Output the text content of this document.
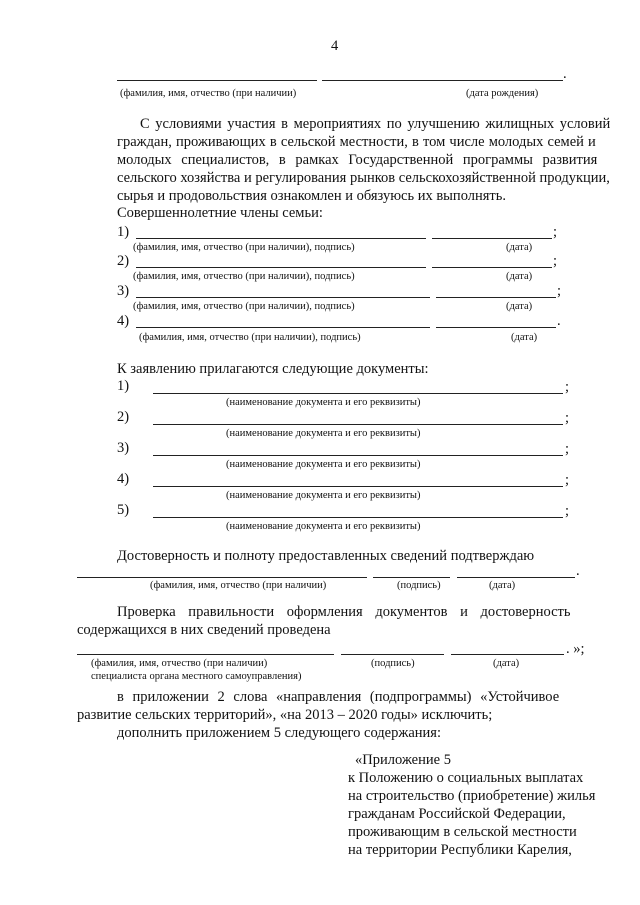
4
.
(фамилия, имя, отчество (при наличии)	(дата рождения)
С условиями участия в мероприятиях по улучшению жилищных условий
граждан, проживающих в сельской местности, в том числе молодых семей и
молодых специалистов, в рамках Государственной программы развития
сельского хозяйства и регулирования рынков сельскохозяйственной продукции,
сырья и продовольствия ознакомлен и обязуюсь их выполнять.
Совершеннолетние члены семьи:
1)	;
(фамилия, имя, отчество (при наличии), подпись)	(дата)
2)	;
(фамилия, имя, отчество (при наличии), подпись)	(дата)
3)	;
(фамилия, имя, отчество (при наличии), подпись)	(дата)
4)	.
(фамилия, имя, отчество (при наличии), подпись)	(дата)
К заявлению прилагаются следующие документы:
1)	;
(наименование документа и его реквизиты)
2)	;
(наименование документа и его реквизиты)
3)	;
(наименование документа и его реквизиты)
4)	;
(наименование документа и его реквизиты)
5)	;
(наименование документа и его реквизиты)
Достоверность и полноту предоставленных сведений подтверждаю
.
(фамилия, имя, отчество (при наличии)	(подпись)	(дата)
Проверка правильности оформления документов и достоверность
содержащихся в них сведений проведена
. »;
(фамилия, имя, отчество (при наличии)
специалиста органа местного самоуправления)
(подпись)	(дата)
в приложении 2 слова «направления (подпрограммы) «Устойчивое
развитие сельских территорий», «на 2013 – 2020 годы» исключить;
дополнить приложением 5 следующего содержания:
«Приложение 5
к Положению о социальных выплатах
на строительство (приобретение) жилья
гражданам Российской Федерации,
проживающим в сельской местности
на территории Республики Карелия,
